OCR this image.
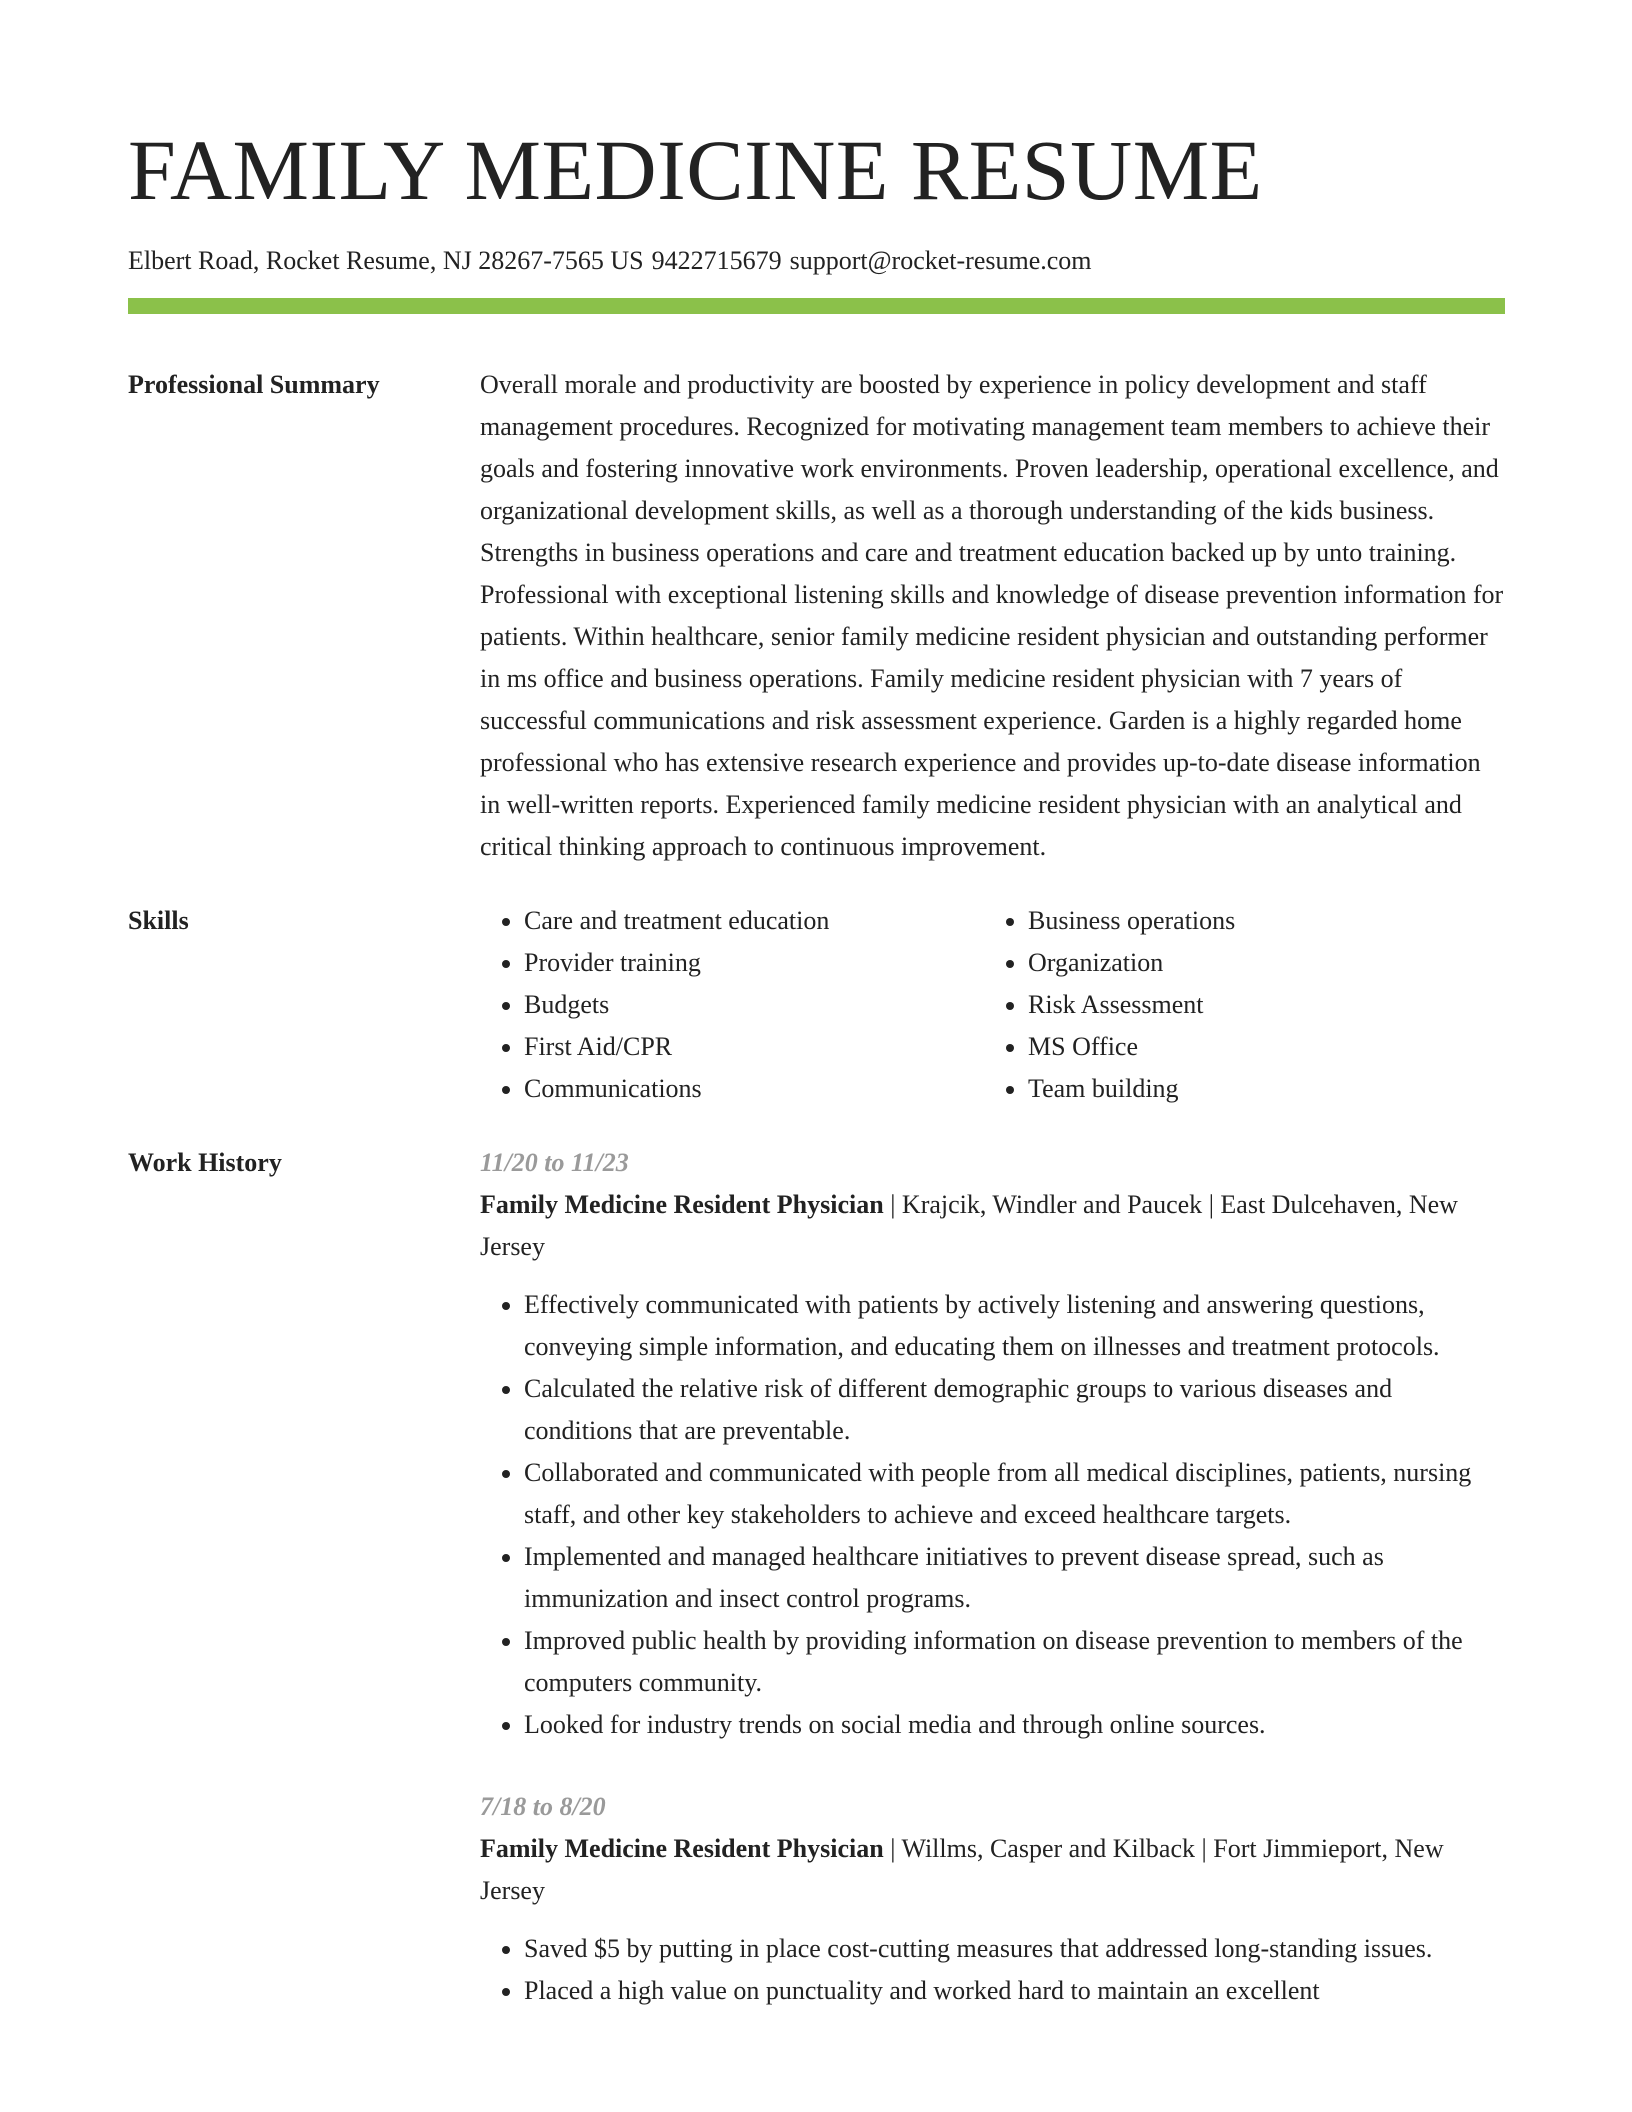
FAMILY MEDICINE RESUME
Elbert Road, Rocket Resume, NJ 28267-7565 US 9422715679 support@rocket-resume.com
Professional Summary	Overall morale and productivity are boosted by experience in policy development and staff management procedures. Recognized for motivating management team members to achieve their goals and fostering innovative work environments. Proven leadership, operational excellence, and organizational development skills, as well as a thorough understanding of the kids business. Strengths in business operations and care and treatment education backed up by unto training. Professional with exceptional listening skills and knowledge of disease prevention information for patients. Within healthcare, senior family medicine resident physician and outstanding performer in ms office and business operations. Family medicine resident physician with 7 years of successful communications and risk assessment experience. Garden is a highly regarded home professional who has extensive research experience and provides up-to-date disease information in well-written reports. Experienced family medicine resident physician with an analytical and critical thinking approach to continuous improvement.

Skills
•	Care and treatment education
• Provider training
• Budgets
• First Aid/CPR
• Communications
• Business operations
• Organization
• Risk Assessment
• MS Office
• Team building
Work History	11/20 to 11/23
Family Medicine Resident Physician | Krajcik, Windler and Paucek | East Dulcehaven, New Jersey
• Effectively communicated with patients by actively listening and answering questions, conveying simple information, and educating them on illnesses and treatment protocols.
• Calculated the relative risk of different demographic groups to various diseases and conditions that are preventable.
• Collaborated and communicated with people from all medical disciplines, patients, nursing staff, and other key stakeholders to achieve and exceed healthcare targets.
• Implemented and managed healthcare initiatives to prevent disease spread, such as immunization and insect control programs.
• Improved public health by providing information on disease prevention to members of the computers community.
• Looked for industry trends on social media and through online sources.
7/18 to 8/20
Family Medicine Resident Physician | Willms, Casper and Kilback | Fort Jimmieport, New Jersey
• Saved $5 by putting in place cost-cutting measures that addressed long-standing issues.
• Placed a high value on punctuality and worked hard to maintain an excellent
